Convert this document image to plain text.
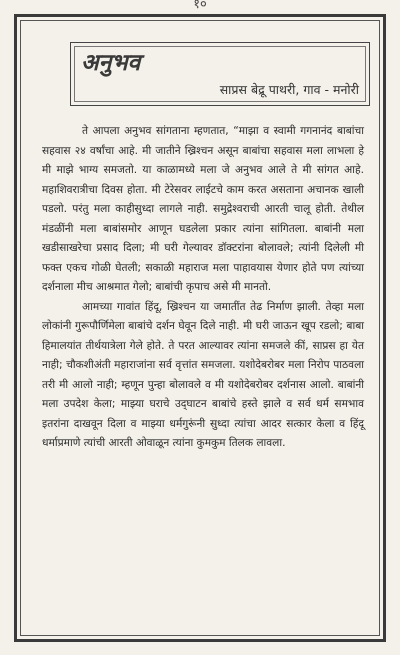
१०
अनुभव
साप्रस बेद्रू पाथरी, गाव - मनोरी

ते आपला अनुभव सांगताना म्हणतात, “माझा व स्वामी गगनानंद बाबांचा सहवास २४ वर्षांचा आहे. मी जातीने ख्रिश्चन असून बाबांचा सहवास मला लाभला हे मी माझे भाग्य समजतो. या काळामध्ये मला जे अनुभव आले ते मी सांगत आहे. महाशिवरात्रीचा दिवस होता. मी टेरेसवर लाईटचे काम करत असताना अचानक खाली पडलो. परंतु मला काहीसुध्दा लागले नाही. समुद्रेश्वराची आरती चालू होती. तेथील मंडळींनी मला बाबांसमोर आणून घडलेला प्रकार त्यांना सांगितला. बाबांनी मला खडीसाखरेचा प्रसाद दिला; मी घरी गेल्यावर डॉक्टरांना बोलावले; त्यांनी दिलेली मी फक्त एकच गोळी घेतली; सकाळी महाराज मला पाहावयास येणार होते पण त्यांच्या दर्शनाला मीच आश्रमात गेलो; बाबांची कृपाच असे मी मानतो.

आमच्या गावांत हिंदू, ख्रिश्चन या जमातींत तेढ निर्माण झाली. तेव्हा मला लोकांनी गुरूपौर्णिमेला बाबांचे दर्शन घेवून दिले नाही. मी घरी जाऊन खूप रडलो; बाबा हिमालयांत तीर्थयात्रेला गेले होते. ते परत आल्यावर त्यांना समजले कीं, साप्रस हा येत नाही; चौकशीअंती महाराजांना सर्व वृत्तांत समजला. यशोदेबरोबर मला निरोप पाठवला तरी मी आलो नाही; म्हणून पुन्हा बोलावले व मी यशोदेबरोबर दर्शनास आलो. बाबांनी मला उपदेश केला; माझ्या घराचे उद्‌घाटन बाबांचे हस्ते झाले व सर्व धर्म समभाव इतरांना दाखवून दिला व माझ्या धर्मगुरूंनी सुध्दा त्यांचा आदर सत्कार केला व हिंदू धर्माप्रमाणे त्यांची आरती ओवाळून त्यांना कुमकुम तिलक लावला.
